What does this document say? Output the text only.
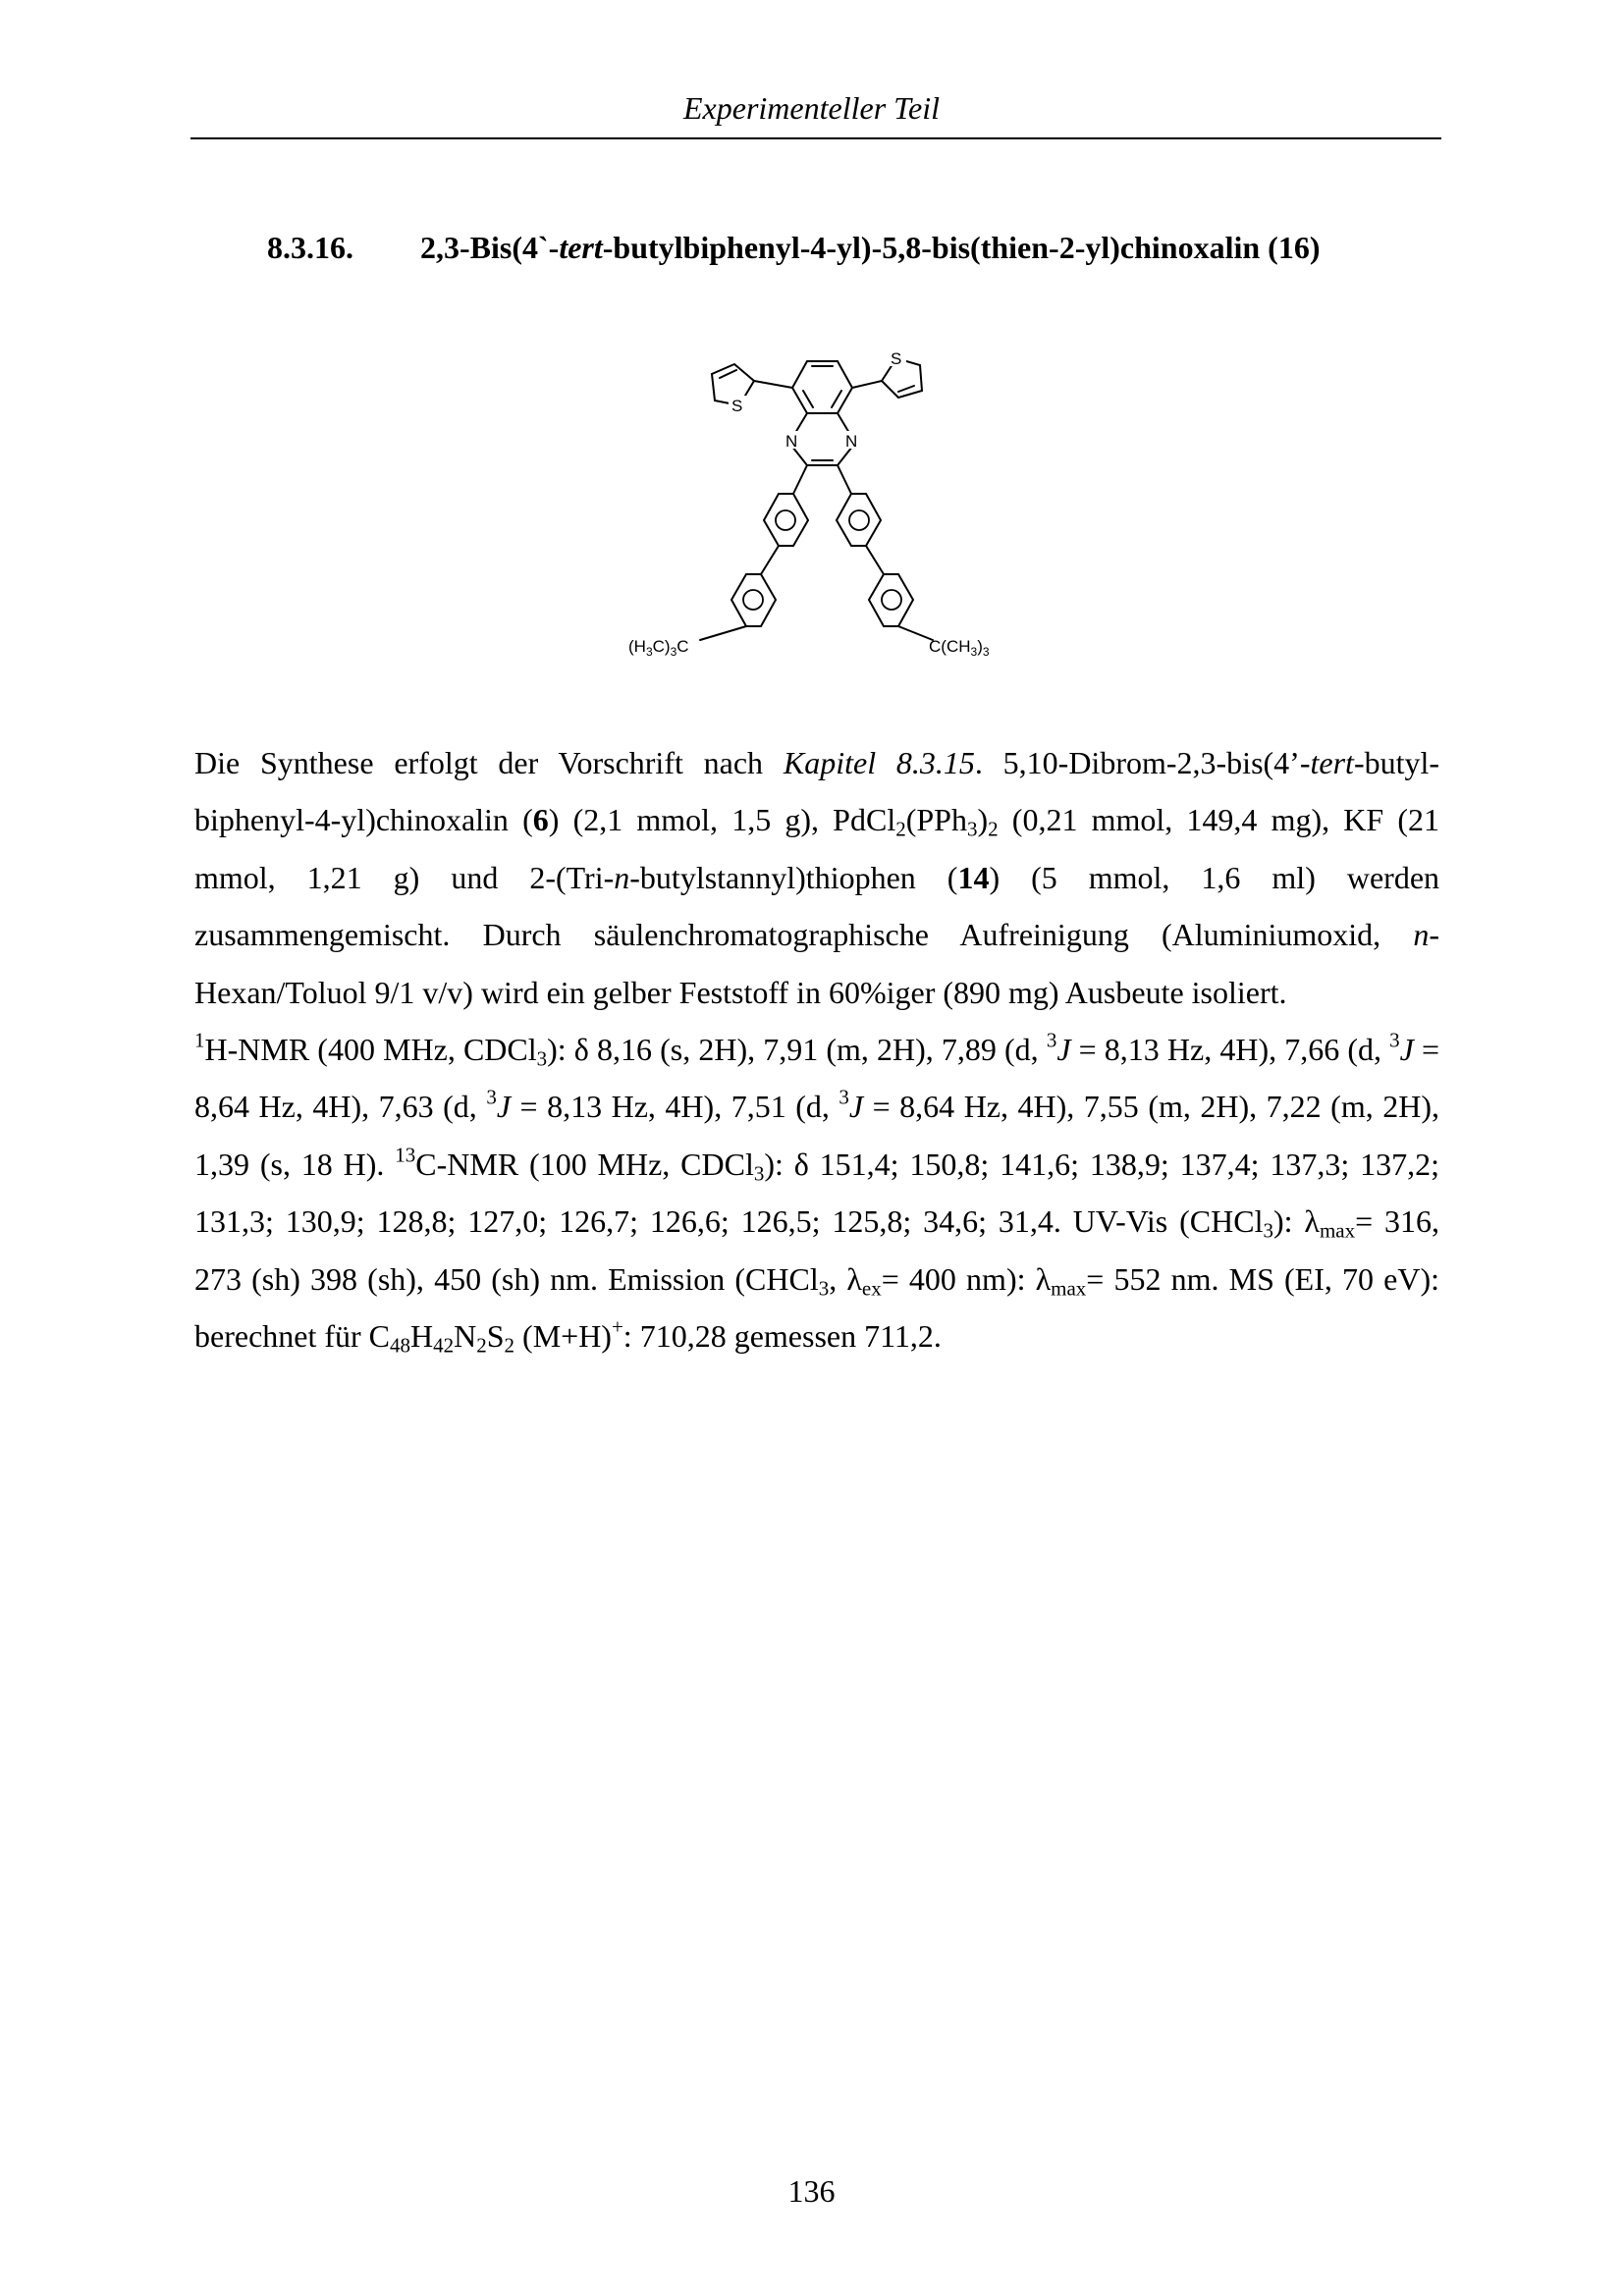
Experimenteller Teil
8.3.16. 2,3-Bis(4`-tert-butylbiphenyl-4-yl)-5,8-bis(thien-2-yl)chinoxalin (16)
S
S
N	N
$(H_3C)_3C$	$C(CH_3)_3$

Die Synthese erfolgt der Vorschrift nach Kapitel 8.3.15. 5,10-Dibrom-2,3-bis(4’-tert-butyl-biphenyl-4-yl)chinoxalin (6) (2,1 mmol, 1,5 g), $PdCl_2(PPh_3)_2$ (0,21 mmol, 149,4 mg), KF (21 mmol, 1,21 g) und 2-(Tri-n-butylstannyl)thiophen (14) (5 mmol, 1,6 ml) werden zusammengemischt. Durch säulenchromatographische Aufreinigung (Aluminiumoxid, n-Hexan/Toluol 9/1 v/v) wird ein gelber Feststoff in 60%iger (890 mg) Ausbeute isoliert.

$^1$H-NMR (400 MHz, CDCl$_3$): δ 8,16 (s, 2H), 7,91 (m, 2H), 7,89 (d, $^3$J = 8,13 Hz, 4H), 7,66 (d, $^3$J = 8,64 Hz, 4H), 7,63 (d, $^3$J = 8,13 Hz, 4H), 7,51 (d, $^3$J = 8,64 Hz, 4H), 7,55 (m, 2H), 7,22 (m, 2H), 1,39 (s, 18 H). $^{13}$C-NMR (100 MHz, CDCl$_3$): δ 151,4; 150,8; 141,6; 138,9; 137,4; 137,3; 137,2; 131,3; 130,9; 128,8; 127,0; 126,7; 126,6; 126,5; 125,8; 34,6; 31,4. UV-Vis (CHCl$_3$): $\lambda_{max}= 316$, 273 (sh) 398 (sh), 450 (sh) nm. Emission (CHCl$_3$, $\lambda_{ex}= 400$ nm): $\lambda_{max}= 552$ nm. MS (EI, 70 eV): berechnet für $C_{48}H_{42}N_2S_2$ (M+H)+: 710,28 gemessen 711,2.

136
